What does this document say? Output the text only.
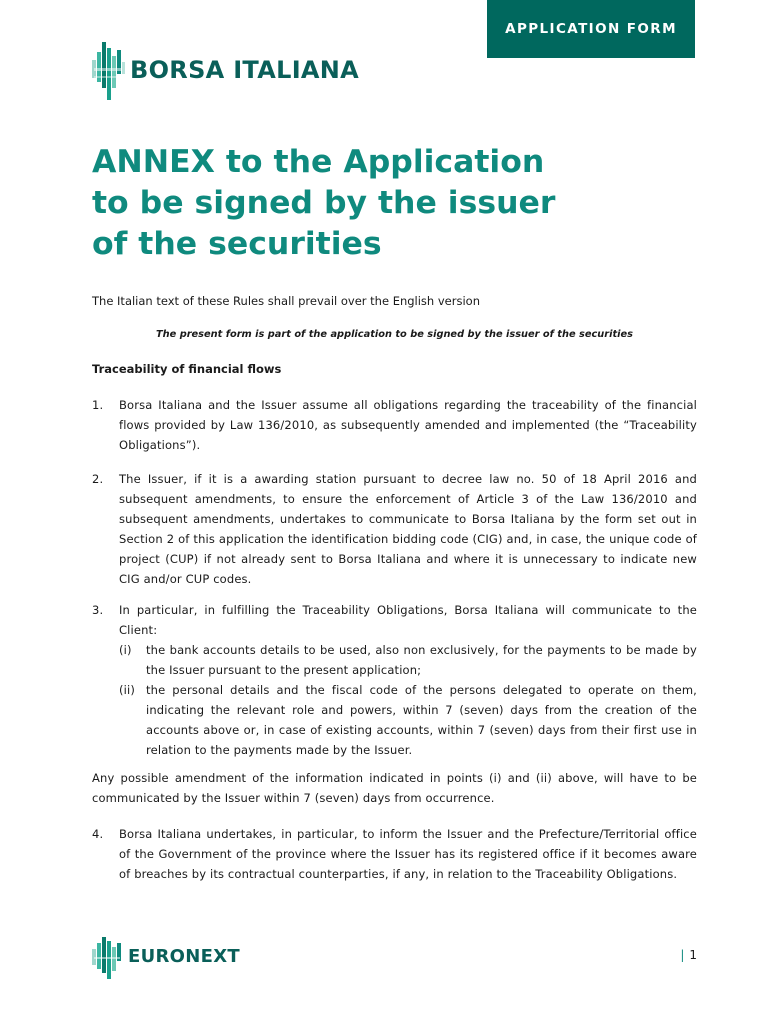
APPLICATION FORM
BORSA ITALIANA
ANNEX to the Application
to be signed by the issuer
of the securities

The Italian text of these Rules shall prevail over the English version

The present form is part of the application to be signed by the issuer of the securities

Traceability of financial flows

1. Borsa Italiana and the Issuer assume all obligations regarding the traceability of the financial flows provided by Law 136/2010, as subsequently amended and implemented (the “Traceability Obligations”).
2. The Issuer, if it is a awarding station pursuant to decree law no. 50 of 18 April 2016 and subsequent amendments, to ensure the enforcement of Article 3 of the Law 136/2010 and subsequent amendments, undertakes to communicate to Borsa Italiana by the form set out in Section 2 of this application the identification bidding code (CIG) and, in case, the unique code of project (CUP) if not already sent to Borsa Italiana and where it is unnecessary to indicate new CIG and/or CUP codes.
3. In particular, in fulfilling the Traceability Obligations, Borsa Italiana will communicate to the Client:
(i) the bank accounts details to be used, also non exclusively, for the payments to be made by the Issuer pursuant to the present application;
(ii) the personal details and the fiscal code of the persons delegated to operate on them, indicating the relevant role and powers, within 7 (seven) days from the creation of the accounts above or, in case of existing accounts, within 7 (seven) days from their first use in relation to the payments made by the Issuer.
Any possible amendment of the information indicated in points (i) and (ii) above, will have to be communicated by the Issuer within 7 (seven) days from occurrence.
4. Borsa Italiana undertakes, in particular, to inform the Issuer and the Prefecture/Territorial office of the Government of the province where the Issuer has its registered office if it becomes aware of breaches by its contractual counterparties, if any, in relation to the Traceability Obligations.
EURONEXT	| 1
